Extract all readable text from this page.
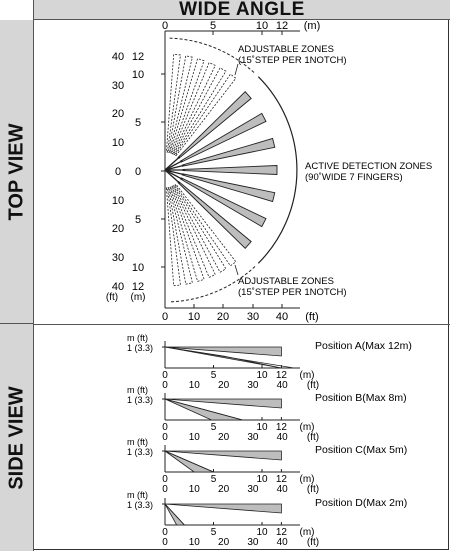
WIDE ANGLE
TOP VIEW
SIDE VIEW
0	5	10 12 (m)
0 10 20 30 40 (ft)
40
30
20
10
0
10
20
30
40
12
10
5
0
5
10
12
(ft) (m)
ADJUSTABLE ZONES
(15˚STEP PER 1NOTCH)
ACTIVE DETECTION ZONES
(90˚WIDE 7 FINGERS)
ADJUSTABLE ZONES
(15˚STEP PER 1NOTCH)
m (ft)
1 (3.3)
0	5	10 12 (m)
0 10 20 30 40 (ft)
Position A(Max 12m)
m (ft)
1 (3.3)
0	5	10 12 (m)
0 10 20 30 40 (ft)
Position B(Max 8m)
m (ft)
1 (3.3)
0	5	10 12 (m)
0 10 20 30 40 (ft)
Position C(Max 5m)
m (ft)
1 (3.3)
0	5	10 12 (m)
0 10 20 30 40 (ft)
Position D(Max 2m)
